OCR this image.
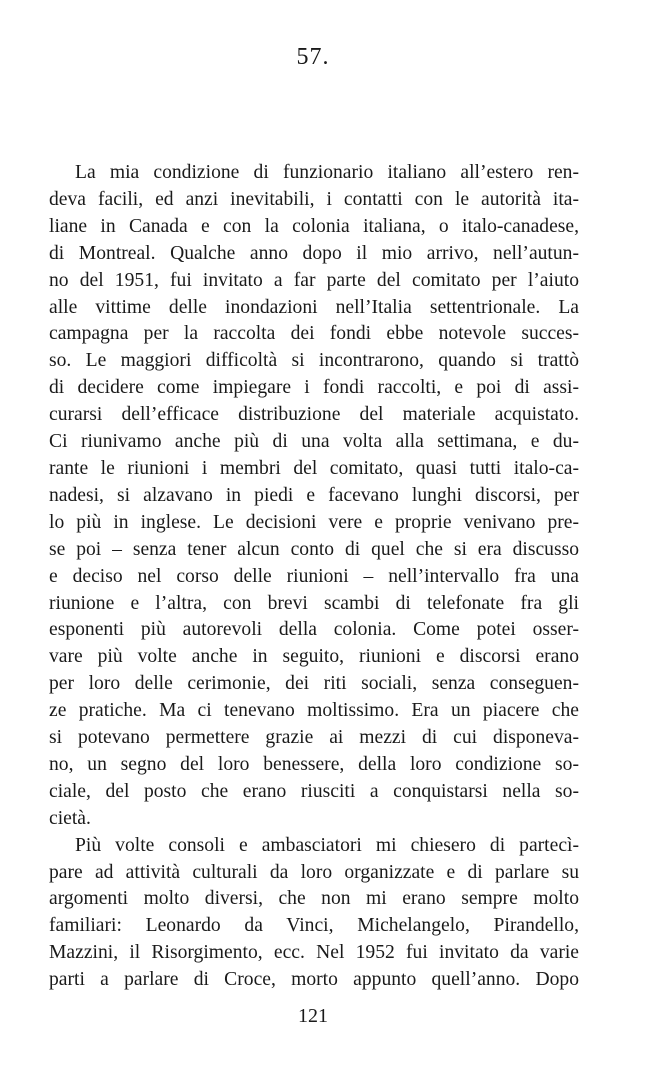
57.
La mia condizione di funzionario italiano all’estero ren-
deva facili, ed anzi inevitabili, i contatti con le autorità ita-
liane in Canada e con la colonia italiana, o italo-canadese,
di Montreal. Qualche anno dopo il mio arrivo, nell’autun-
no del 1951, fui invitato a far parte del comitato per l’aiuto
alle vittime delle inondazioni nell’Italia settentrionale. La
campagna per la raccolta dei fondi ebbe notevole succes-
so. Le maggiori difficoltà si incontrarono, quando si trattò
di decidere come impiegare i fondi raccolti, e poi di assi-
curarsi dell’efficace distribuzione del materiale acquistato.
Ci riunivamo anche più di una volta alla settimana, e du-
rante le riunioni i membri del comitato, quasi tutti italo-ca-
nadesi, si alzavano in piedi e facevano lunghi discorsi, per
lo più in inglese. Le decisioni vere e proprie venivano pre-
se poi – senza tener alcun conto di quel che si era discusso
e deciso nel corso delle riunioni – nell’intervallo fra una
riunione e l’altra, con brevi scambi di telefonate fra gli
esponenti più autorevoli della colonia. Come potei osser-
vare più volte anche in seguito, riunioni e discorsi erano
per loro delle cerimonie, dei riti sociali, senza conseguen-
ze pratiche. Ma ci tenevano moltissimo. Era un piacere che
si potevano permettere grazie ai mezzi di cui disponeva-
no, un segno del loro benessere, della loro condizione so-
ciale, del posto che erano riusciti a conquistarsi nella so-
cietà.
Più volte consoli e ambasciatori mi chiesero di partecì-
pare ad attività culturali da loro organizzate e di parlare su
argomenti molto diversi, che non mi erano sempre molto
familiari: Leonardo da Vinci, Michelangelo, Pirandello,
Mazzini, il Risorgimento, ecc. Nel 1952 fui invitato da varie
parti a parlare di Croce, morto appunto quell’anno. Dopo
121
